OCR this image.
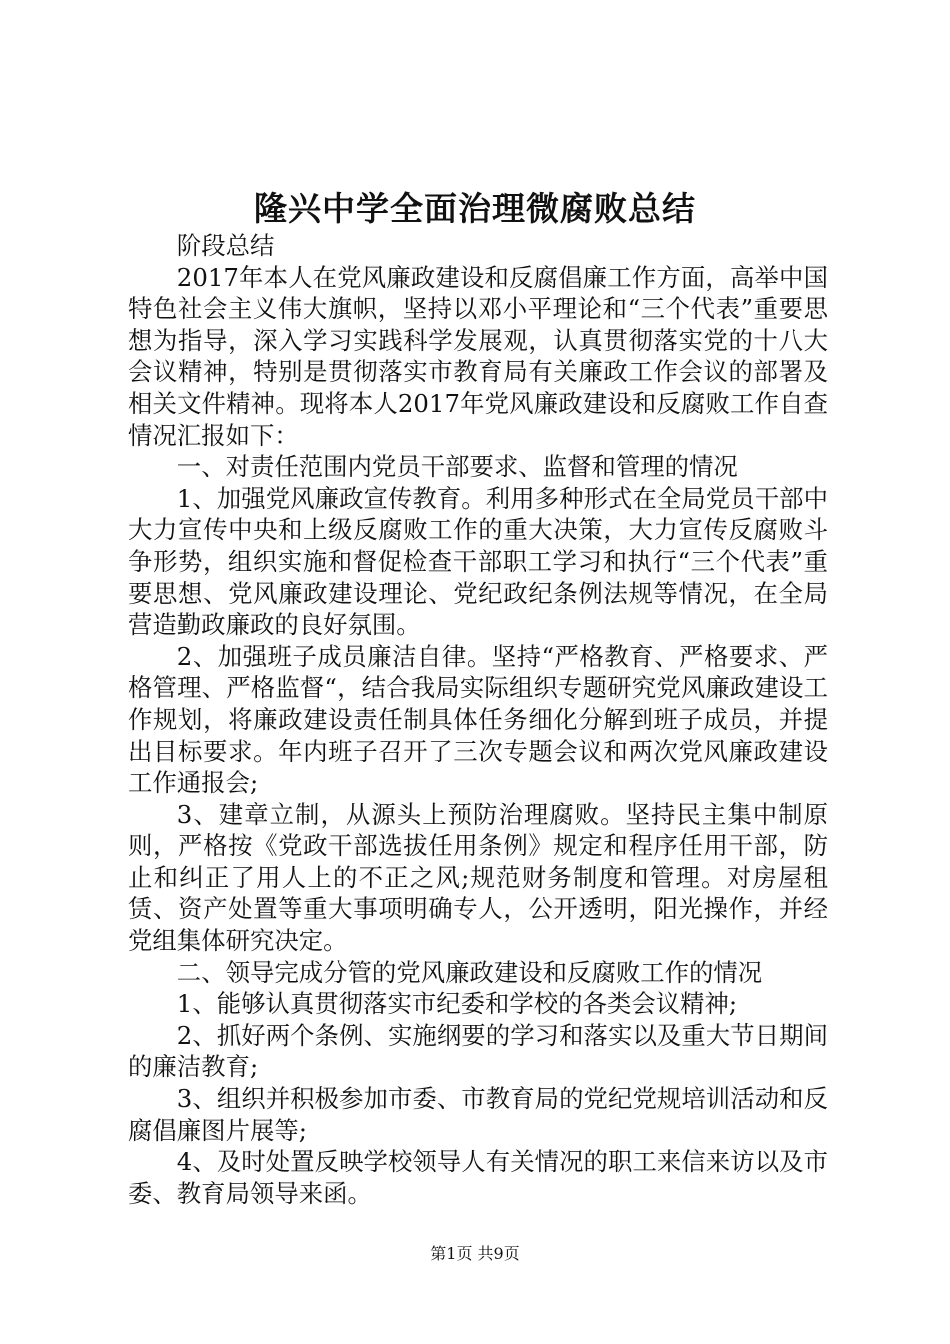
隆兴中学全面治理微腐败总结

阶段总结

2017年本人在党风廉政建设和反腐倡廉工作方面，高举中国特色社会主义伟大旗帜，坚持以邓小平理论和“三个代表”重要思想为指导，深入学习实践科学发展观，认真贯彻落实党的十八大会议精神，特别是贯彻落实市教育局有关廉政工作会议的部署及相关文件精神。现将本人2017年党风廉政建设和反腐败工作自查情况汇报如下：

一、对责任范围内党员干部要求、监督和管理的情况

1、加强党风廉政宣传教育。利用多种形式在全局党员干部中大力宣传中央和上级反腐败工作的重大决策，大力宣传反腐败斗争形势，组织实施和督促检查干部职工学习和执行“三个代表”重要思想、党风廉政建设理论、党纪政纪条例法规等情况，在全局营造勤政廉政的良好氛围。

2、加强班子成员廉洁自律。坚持“严格教育、严格要求、严格管理、严格监督“，结合我局实际组织专题研究党风廉政建设工作规划，将廉政建设责任制具体任务细化分解到班子成员，并提出目标要求。年内班子召开了三次专题会议和两次党风廉政建设工作通报会;

3、建章立制，从源头上预防治理腐败。坚持民主集中制原则，严格按《党政干部选拔任用条例》规定和程序任用干部，防止和纠正了用人上的不正之风;规范财务制度和管理。对房屋租赁、资产处置等重大事项明确专人，公开透明，阳光操作，并经党组集体研究决定。

二、领导完成分管的党风廉政建设和反腐败工作的情况

1、能够认真贯彻落实市纪委和学校的各类会议精神;

2、抓好两个条例、实施纲要的学习和落实以及重大节日期间的廉洁教育;

3、组织并积极参加市委、市教育局的党纪党规培训活动和反腐倡廉图片展等;

4、及时处置反映学校领导人有关情况的职工来信来访以及市委、教育局领导来函。

第1页 共9页
